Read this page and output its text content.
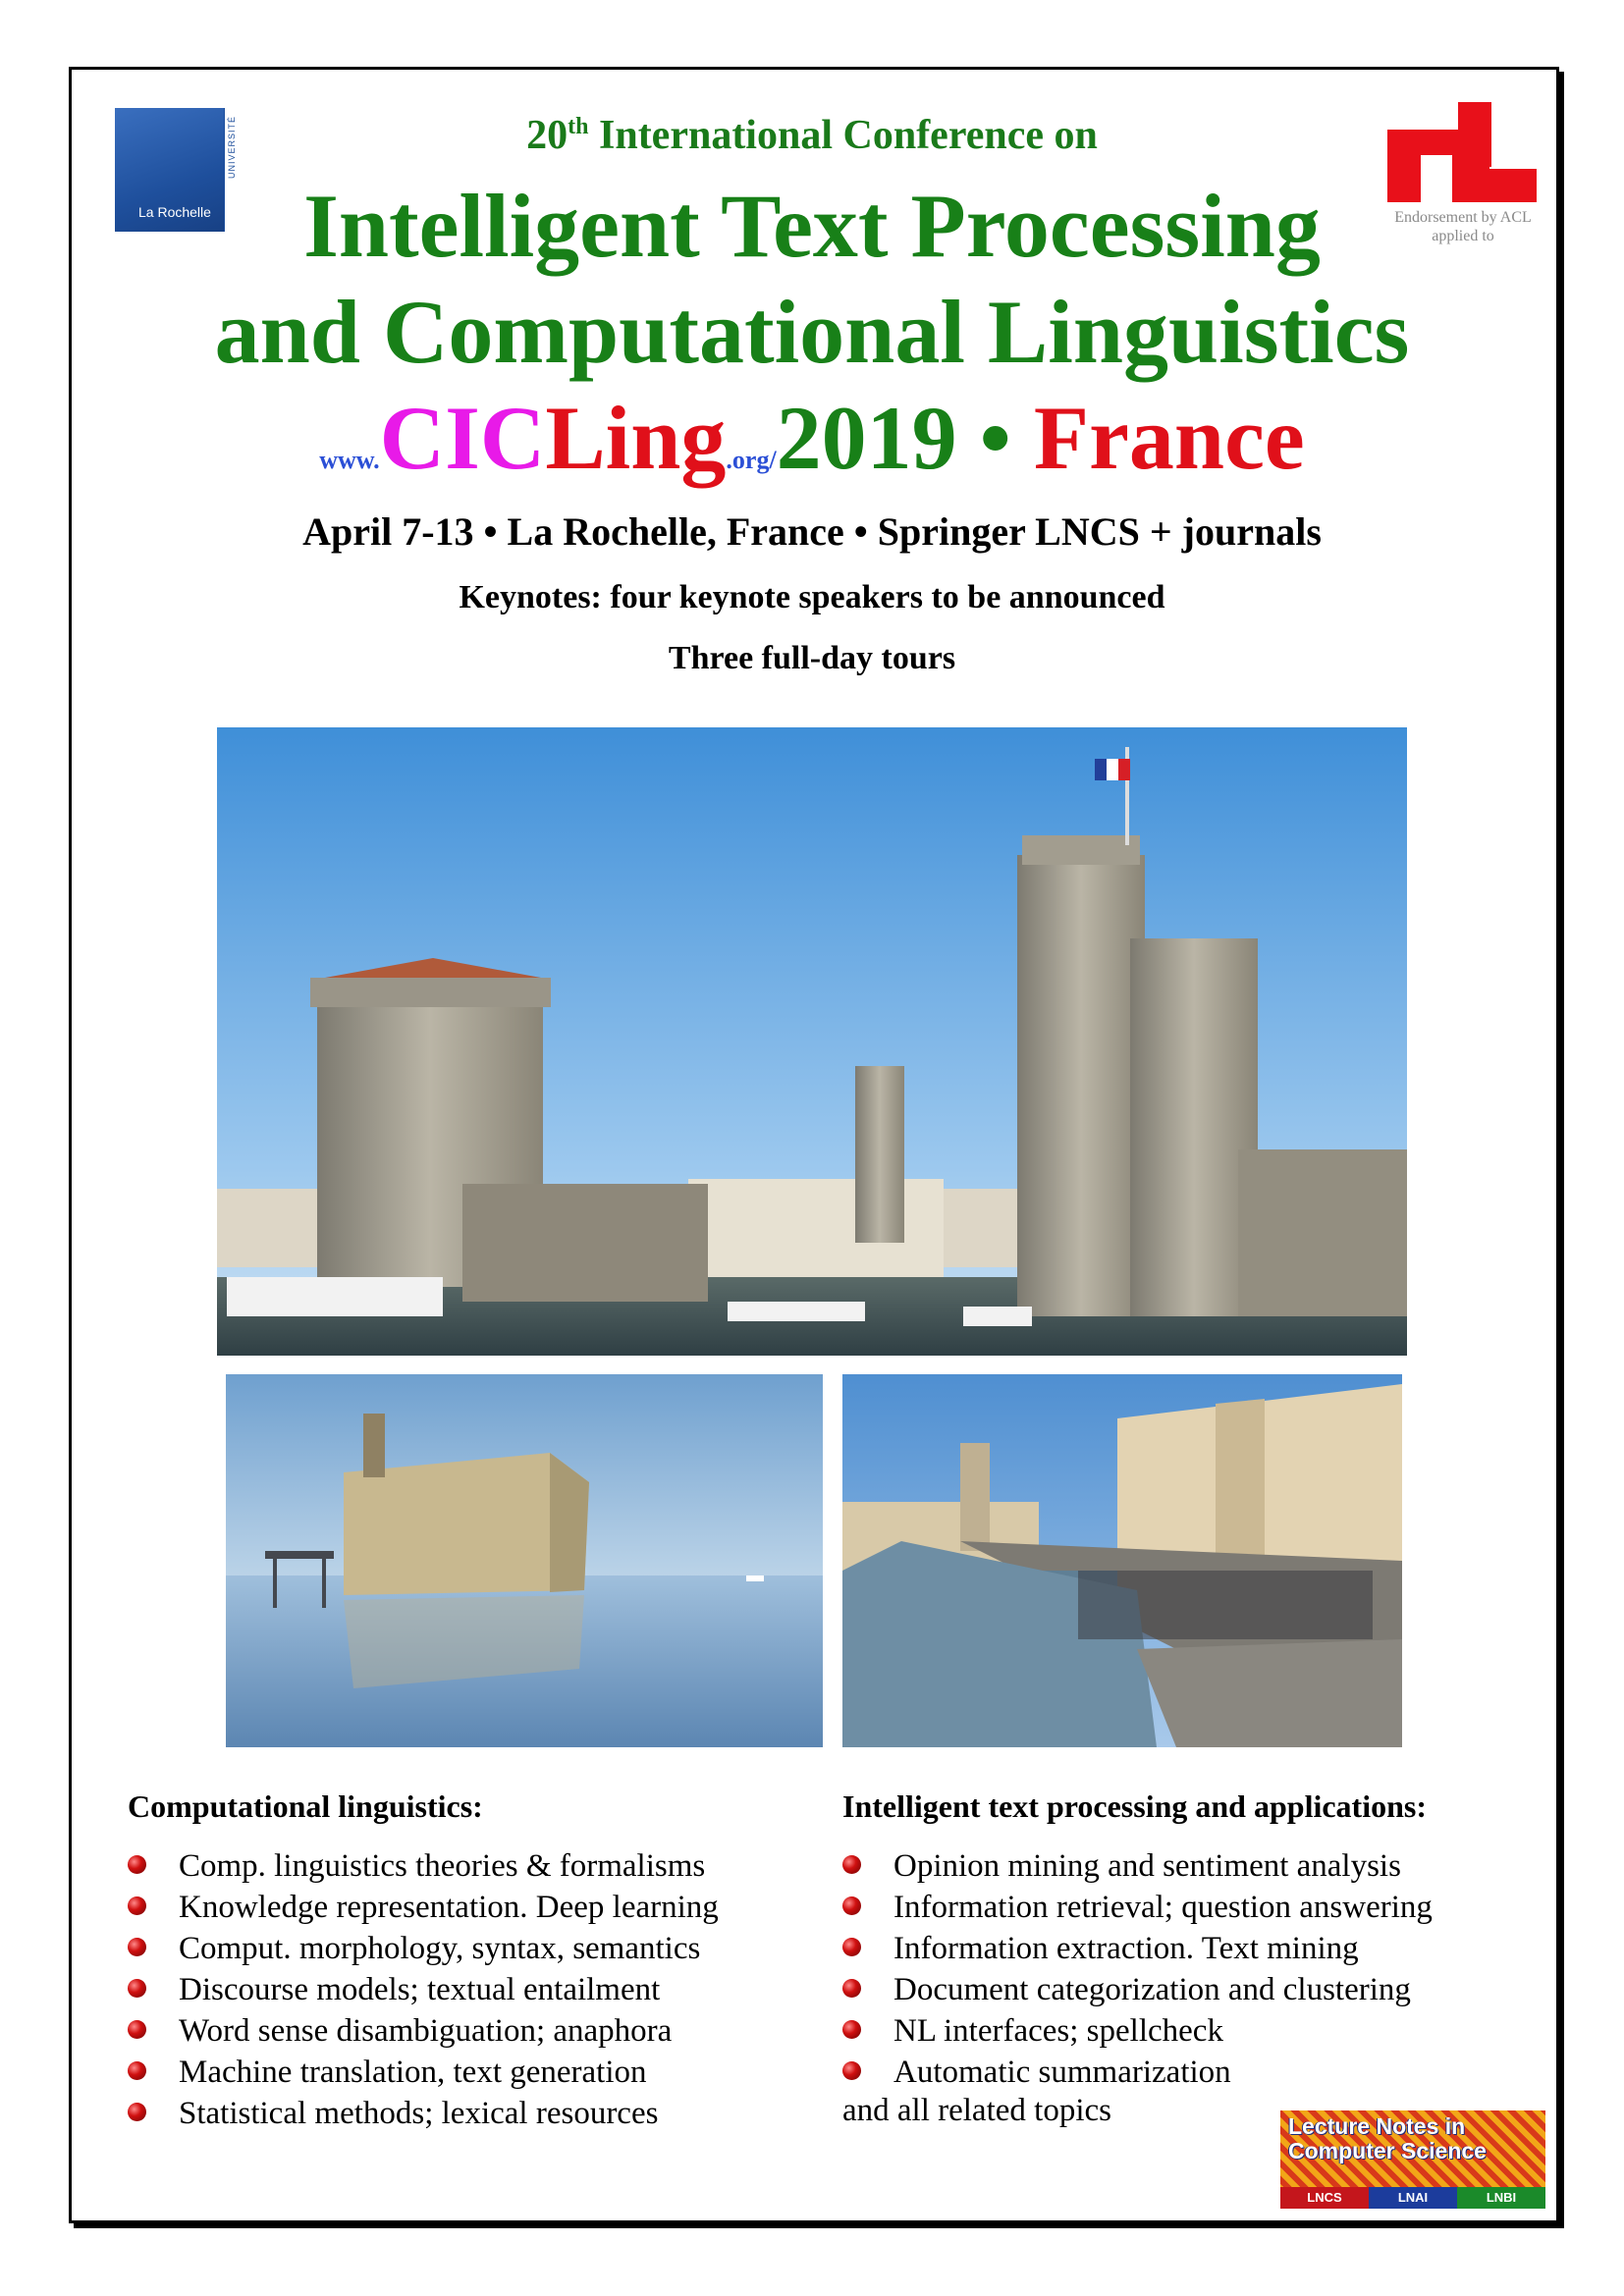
UNIVERSITÉ
La Rochelle	Endorsement by ACL applied to
20th International Conference on
Intelligent Text Processing
and Computational Linguistics
www.CICLing.org/2019 • France
April 7-13 • La Rochelle, France • Springer LNCS + journals
Keynotes: four keynote speakers to be announced
Three full-day tours
Computational linguistics:
Comp. linguistics theories & formalisms
Knowledge representation. Deep learning
Comput. morphology, syntax, semantics
Discourse models; textual entailment
Word sense disambiguation; anaphora
Machine translation, text generation
Statistical methods; lexical resources
Intelligent text processing and applications:
Opinion mining and sentiment analysis
Information retrieval; question answering
Information extraction. Text mining
Document categorization and clustering
NL interfaces; spellcheck
Automatic summarization
and all related topics	Lecture Notes in Computer Science
LNCS	LNAI	LNBI
